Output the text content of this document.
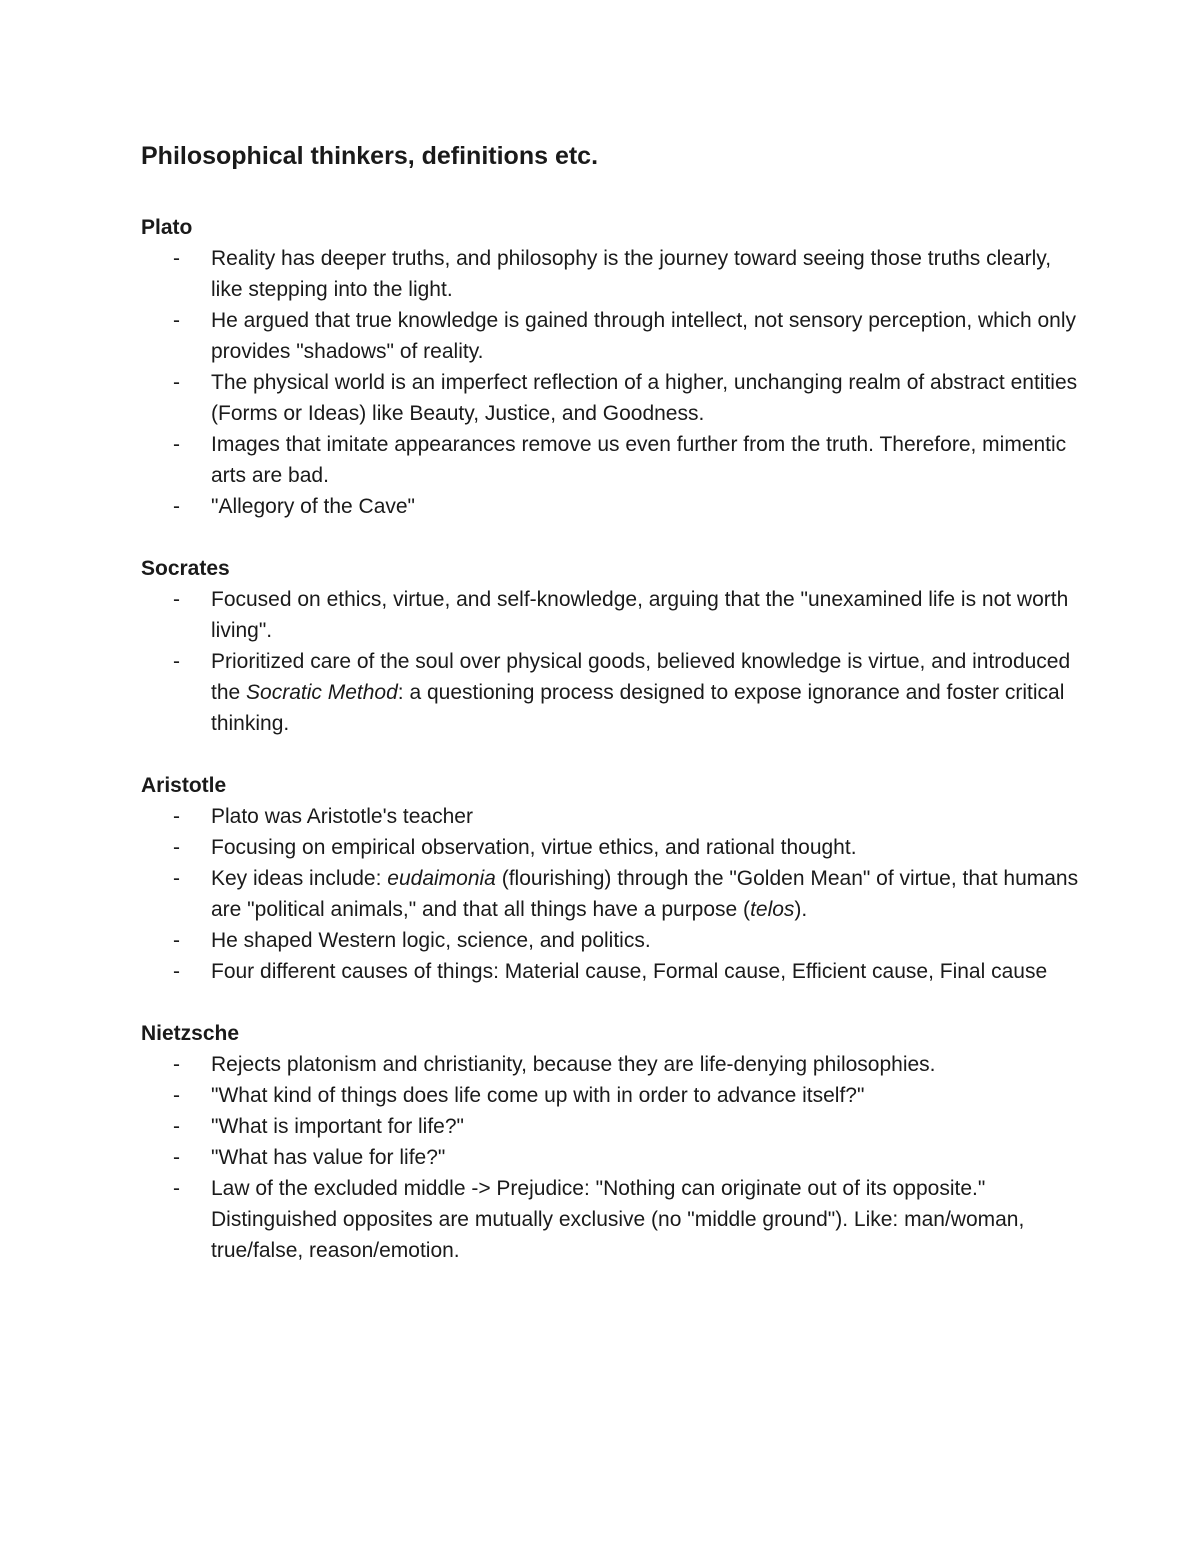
Philosophical thinkers, definitions etc.
Plato
- Reality has deeper truths, and philosophy is the journey toward seeing those truths clearly, like stepping into the light.
- He argued that true knowledge is gained through intellect, not sensory perception, which only provides "shadows" of reality.
- The physical world is an imperfect reflection of a higher, unchanging realm of abstract entities (Forms or Ideas) like Beauty, Justice, and Goodness.
- Images that imitate appearances remove us even further from the truth. Therefore, mimentic arts are bad.
- "Allegory of the Cave"
Socrates
- Focused on ethics, virtue, and self-knowledge, arguing that the "unexamined life is not worth living".
- Prioritized care of the soul over physical goods, believed knowledge is virtue, and introduced the Socratic Method: a questioning process designed to expose ignorance and foster critical thinking.
Aristotle
- Plato was Aristotle's teacher
- Focusing on empirical observation, virtue ethics, and rational thought.
- Key ideas include: eudaimonia (flourishing) through the "Golden Mean" of virtue, that humans are "political animals," and that all things have a purpose (telos).
- He shaped Western logic, science, and politics.
- Four different causes of things: Material cause, Formal cause, Efficient cause, Final cause
Nietzsche
- Rejects platonism and christianity, because they are life-denying philosophies.
- "What kind of things does life come up with in order to advance itself?"
- "What is important for life?"
- "What has value for life?"
- Law of the excluded middle -> Prejudice: "Nothing can originate out of its opposite."
Distinguished opposites are mutually exclusive (no "middle ground"). Like: man/woman, true/false, reason/emotion.
